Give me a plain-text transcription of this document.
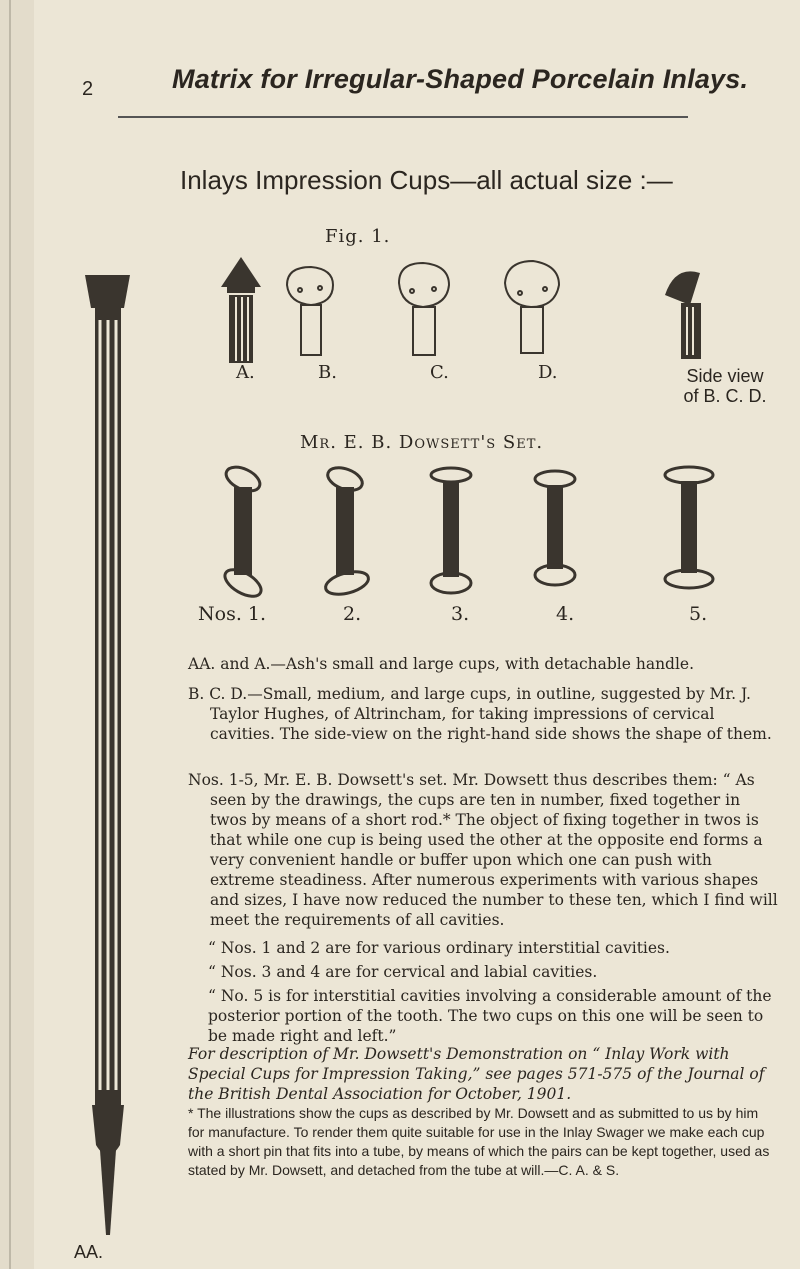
2	Matrix for Irregular-Shaped Porcelain Inlays.
Inlays Impression Cups—all actual size :—
Fig. 1.
A.	B.	C.	D.	Side view
of B. C. D.
Mr. E. B. Dowsett's Set.
Nos. 1.	2.	3.	4.	5.
AA. and A.—Ash's small and large cups, with detachable handle.
B. C. D.—Small, medium, and large cups, in outline, suggested by Mr. J.
Taylor Hughes, of Altrincham, for taking impressions of cervical cavities. The side-view on the right-hand side shows the shape of them.
Nos. 1-5, Mr. E. B. Dowsett's set. Mr. Dowsett thus describes them: “ As
seen by the drawings, the cups are ten in number, fixed together in twos by means of a short rod.* The object of fixing together in twos is that while one cup is being used the other at the opposite end forms a very convenient handle or buffer upon which one can push with extreme steadiness. After numerous experiments with various shapes and sizes, I have now reduced the number to these ten, which I find will meet the requirements of all cavities.
“ Nos. 1 and 2 are for various ordinary interstitial cavities.
“ Nos. 3 and 4 are for cervical and labial cavities.
“ No. 5 is for interstitial cavities involving a considerable amount of the posterior portion of the tooth. The two cups on this one will be seen to be made right and left.”
For description of Mr. Dowsett's Demonstration on “ Inlay Work with Special Cups for Impression Taking,” see pages 571-575 of the Journal of the British Dental Association for October, 1901.
* The illustrations show the cups as described by Mr. Dowsett and as submitted to us by him for manufacture. To render them quite suitable for use in the Inlay Swager we make each cup with a short pin that fits into a tube, by means of which the pairs can be kept together, used as stated by Mr. Dowsett, and detached from the tube at will.—C. A. & S.
AA.
